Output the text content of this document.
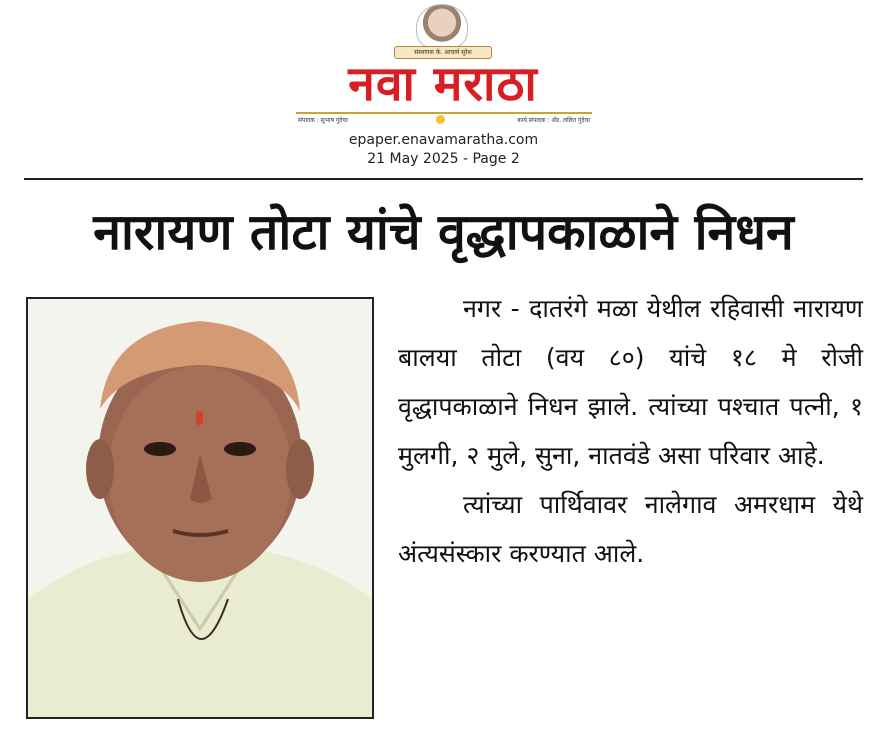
संस्थापक के. आचार्य सुरेश
नवा मराठा
संपादक : सुभाष गुंदेचा	कार्य.संपादक : ॲड. ललित गुंदेचा
epaper.enavamaratha.com
21 May 2025 - Page 2
नारायण तोटा यांचे वृद्धापकाळाने निधन

नगर - दातरंगे मळा येथील रहिवासी नारायण बालया तोटा (वय ८०) यांचे १८ मे रोजी वृद्धापकाळाने निधन झाले. त्यांच्या पश्चात पत्नी, १ मुलगी, २ मुले, सुना, नातवंडे असा परिवार आहे.

त्यांच्या पार्थिवावर नालेगाव अमरधाम येथे अंत्यसंस्कार करण्यात आले.
